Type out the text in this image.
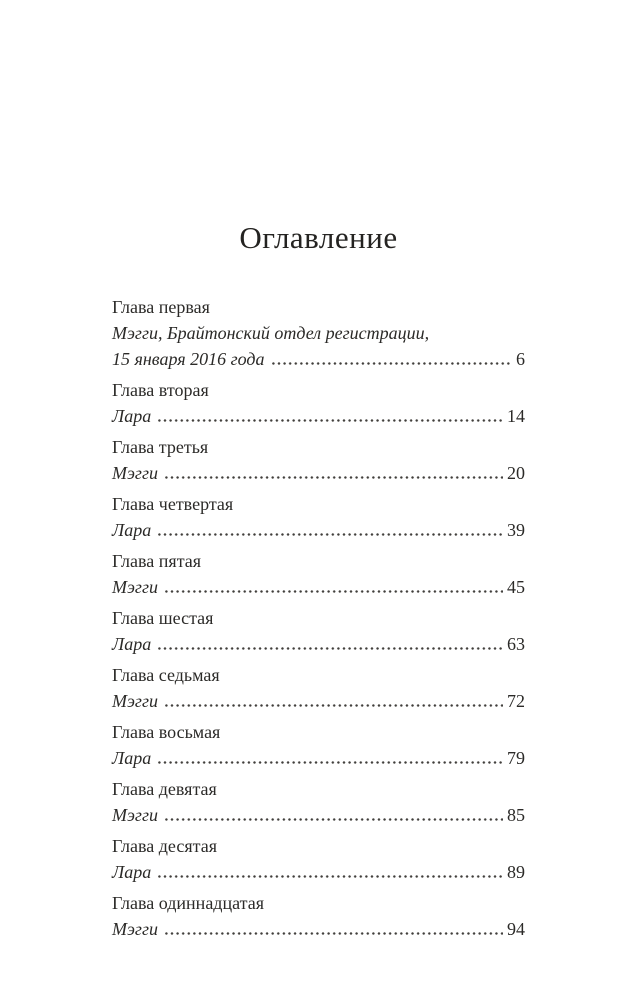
Оглавление
Глава первая
Мэгги, Брайтонский отдел регистрации,
15 января 2016 года	6
Глава вторая
Лара	14
Глава третья
Мэгги	20
Глава четвертая
Лара	39
Глава пятая
Мэгги	45
Глава шестая
Лара	63
Глава седьмая
Мэгги	72
Глава восьмая
Лара	79
Глава девятая
Мэгги	85
Глава десятая
Лара	89
Глава одиннадцатая
Мэгги	94
